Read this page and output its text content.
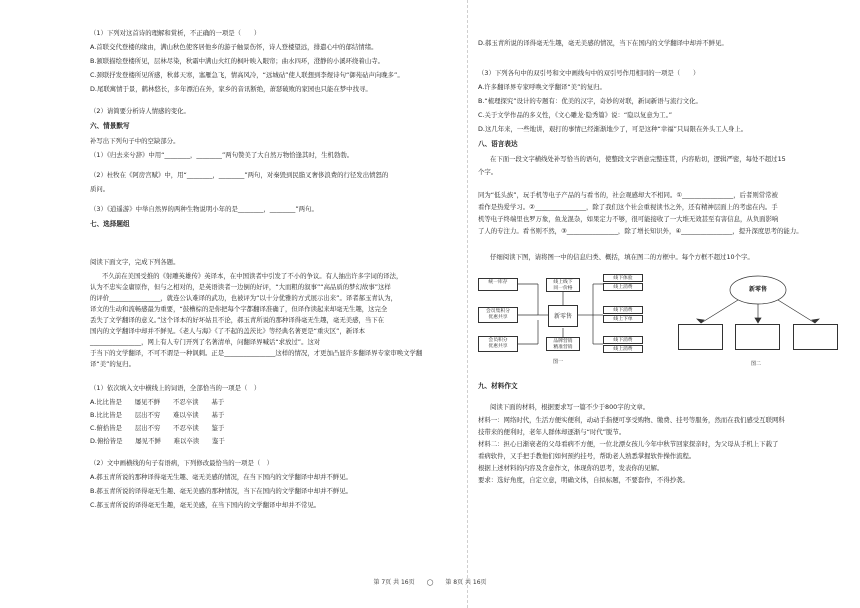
（1）下列对这首诗的理解和赏析，不正确的一项是（　　）
A.首联交代登楼的缘由，满山秋色使客居他乡的游子触景伤怀，诗人登楼望远，排遣心中的郁结情绪。
B.颔联描绘登楼所见，层林尽染，秋霜中满山火红的枫叶映入眼帘；曲水四环，澄静的小溪环绕着山寺。
C.颈联抒发登楼所见所感，秋暮天寒，塞雁急飞，情高风冷，“远城砧”使人联想到李煜诗句“御苑砧声向晚多”。
D.尾联寓情于景，鹤林悠长，多年漂泊在外，家乡的音讯断绝，萧瑟破败的家园也只能在梦中找寻。
（2）请简要分析诗人情感的变化。
六、情景默写
补写出下列句子中的空缺部分。
（1）《归去来兮辞》中用“________，________”两句赞美了大自然万物恰逢其时，生机勃勃。
（2）杜牧在《阿房宫赋》中，用“________，________”两句，对秦毁到民脂叉奢侈浪费的行径发出愤怒的
质问。
（3）《逍遥游》中举自然界的两种生物说明小年的是________，________”两句。
七、选择题组
阅读下面文字，完成下列各题。
不久前在美国受推的《射雕英雄传》英译本，在中国读者中引发了不小的争议。有人抽出许多字词的译法，
认为不忠实金庸原作，但与之相对的，是英语读者一边倒的好评，“大而粗的叙事”“高品质的梦幻故事”这样
的评价________________，就连公认难译的武功，也被评为“以十分优雅的方式展示出来”。译者郝玉青认为，
译文的生动和流畅感最为重要，“鼓槽棕的是你把每个字都翻译准确了，但译作读起来却毫无生趣，这完全
丢失了文学翻译的意义。”这个译本的好坏姑且不论，郝玉青所说的那种译得毫无生趣，毫无美感，当下在
国内的文学翻译中却并不鲜见。《老人与海》《了不起的盖茨比》等经典名著更是“重灾区”，新译本
________________，网上有人专门开列了名著清单，问翻译界喊话“求放过”。这对
于当下的文学翻译，不可不谓是一种讽刺。正是________________这样的情况，才更加凸显许多翻译界专家审唤文学翻
译“美”的复归。
（1）依次填入文中横线上的词语，全部恰当的一项是（　）
A.比比皆是　　屡见不鲜　　不忍卒读　　基于
B.比比皆是　　层出不穷　　难以卒读　　基于
C.俯拾皆是　　层出不穷　　不忍卒读　　鉴于
D.俯拾皆是　　屡见不鲜　　难以卒读　　鉴于
（2）文中画横线的句子有语病，下列修改最恰当的一项是（　）
A.郝玉青所说的那种译得毫无生趣、毫无美感的情况，在当下国内的文学翻译中却并不鲜见。
B.郝玉青所说的译得毫无生趣、毫无美感的那种情况，当下在国内的文学翻译中却并不鲜见。
C.郝玉青所说的译得毫无生趣，毫无美感，在当下国内的文学翻译中却并不常见。
D.郝玉青所说的译得毫无生趣，毫无美感的情况，当下在国内的文学翻译中却并不鲜见。
（3）下列各句中的双引号和文中画线句中的双引号作用相同的一项是（　　）
A.许多翻译界专家呼唤文学翻译“美”的复归。
B.“梳理探究”设计的专题有：优美的汉字，奇妙的对联，新词新语与流行文化。
C.关于文学作品的多义性，《文心雕龙·隐秀篇》说：“隐以复意为工。”
D.这几年来，一些地讲，艰打的事情已经渐渐地少了，可是这种“幸福”只局限在外头工人身上。
八、语言表达
在下面一段文字横线处补写恰当的语句，使整段文字语意完整连贯，内容贴切，逻辑严密，每处不超过15
个字。
同为“低头族”，玩手机等电子产品的与看书的，社会观感却大不相同。①________________，后者则常常被
看作是热爱学习。②________________，除了我们这个社会重视读书之外，还有精神层面上的考虑在内。手
机等电子终端里也罗万象，鱼龙混杂，如果定力不够，很可能接收了一大堆无效甚至有害信息，从负面影响
了人的专注力。看书则不然，③________________，除了增长知识外，④________________，提升深度思考的能力。
仔细阅读下图，请将图一中的信息归类、概括，填在图二的方框中。每个方框不超过10个字。
统一库存
会员集积分
优惠共享
会员积分
优惠共享
新零售
线上线下
同一价格
品牌营销
精准营销
线下体验
线上消费
线下消费
线上下单
线下消费
线上消费
图一
新零售
图二
九、材料作文
阅读下面的材料，根据要求写一篇不少于800字的文章。
材料一：网络时代，生活方便实便利，动动手指便可享受购物、缴费、挂号等服务，然而在我们感受互联网科
技带来的便利时，老年人群体却逐渐与“时代”脱节。
材料二：担心日渐衰老的父母看病不方便，一位北漂女孩儿今年中秋节回家探亲时，为父母从手机上下载了
看病软件，又手把手教他们如何预约挂号，帮助老人熟悉掌握软件操作流程。
根据上述材料的内容及含意作文，体现你的思考，发表你的见解。
要求：选好角度，自定立意，明确文体，自拟标题，不要套作，不得抄袭。
第 7页 共 16页　　◯　　第 8页 共 16页
